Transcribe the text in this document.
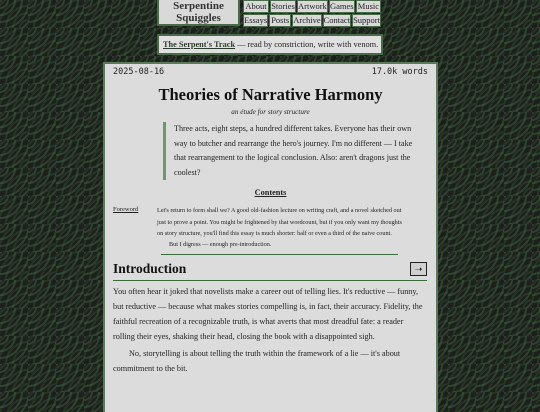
Serpentine
Squiggles
About Stories Artwork Games Music
Essays Posts Archive Contact Support
The Serpent's Track — read by constriction, write with venom.
2025-08-16	17.0k words
Theories of Narrative Harmony
an étude for story structure
Three acts, eight steps, a hundred different takes. Everyone has their own way to butcher and rearrange the hero's journey. I'm no different — I take that rearrangement to the logical conclusion. Also: aren't dragons just the coolest?
Contents
Foreword	Let's return to form shall we? A good old-fashion lecture on writing craft, and a novel sketched out just to prove a point. You might be frightened by that wordcount, but if you only want my thoughts on story structure, you'll find this essay is much shorter: half or even a third of the naive count.

But I digress — enough pre-introduction.

Introduction	➝

You often hear it joked that novelists make a career out of telling lies. It's reductive — funny, but reductive — because what makes stories compelling is, in fact, their accuracy. Fidelity, the faithful recreation of a recognizable truth, is what averts that most dreadful fate: a reader rolling their eyes, shaking their head, closing the book with a disappointed sigh.

No, storytelling is about telling the truth within the framework of a lie — it's about commitment to the bit.
